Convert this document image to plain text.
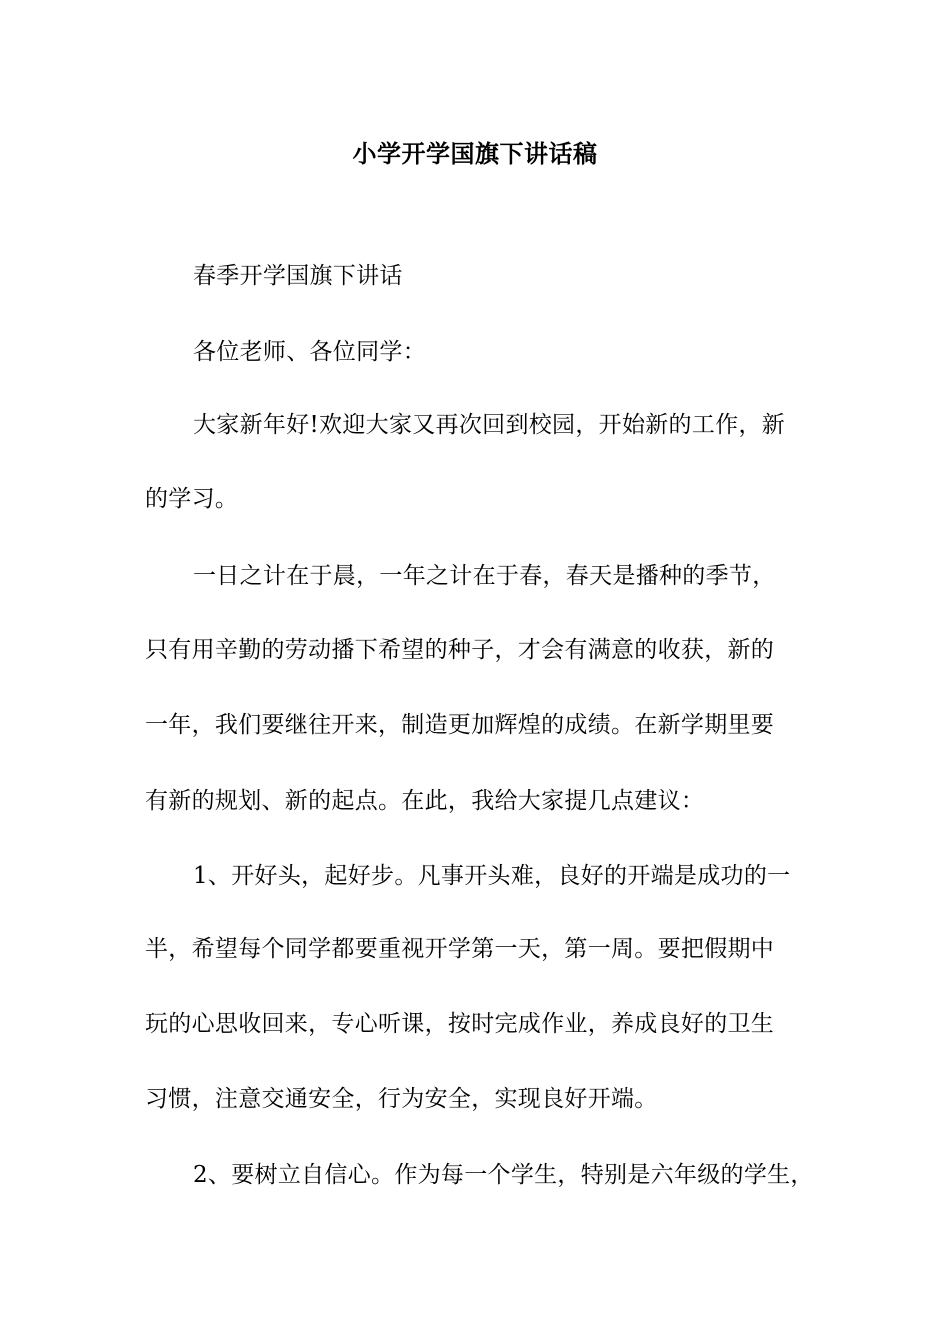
小学开学国旗下讲话稿
春季开学国旗下讲话
各位老师、各位同学：
大家新年好!欢迎大家又再次回到校园，开始新的工作，新
的学习。
一日之计在于晨，一年之计在于春，春天是播种的季节，
只有用辛勤的劳动播下希望的种子，才会有满意的收获，新的
一年，我们要继往开来，制造更加辉煌的成绩。在新学期里要
有新的规划、新的起点。在此，我给大家提几点建议：
1、开好头，起好步。凡事开头难，良好的开端是成功的一
半，希望每个同学都要重视开学第一天，第一周。要把假期中
玩的心思收回来，专心听课，按时完成作业，养成良好的卫生
习惯，注意交通安全，行为安全，实现良好开端。
2、要树立自信心。作为每一个学生，特别是六年级的学生，
